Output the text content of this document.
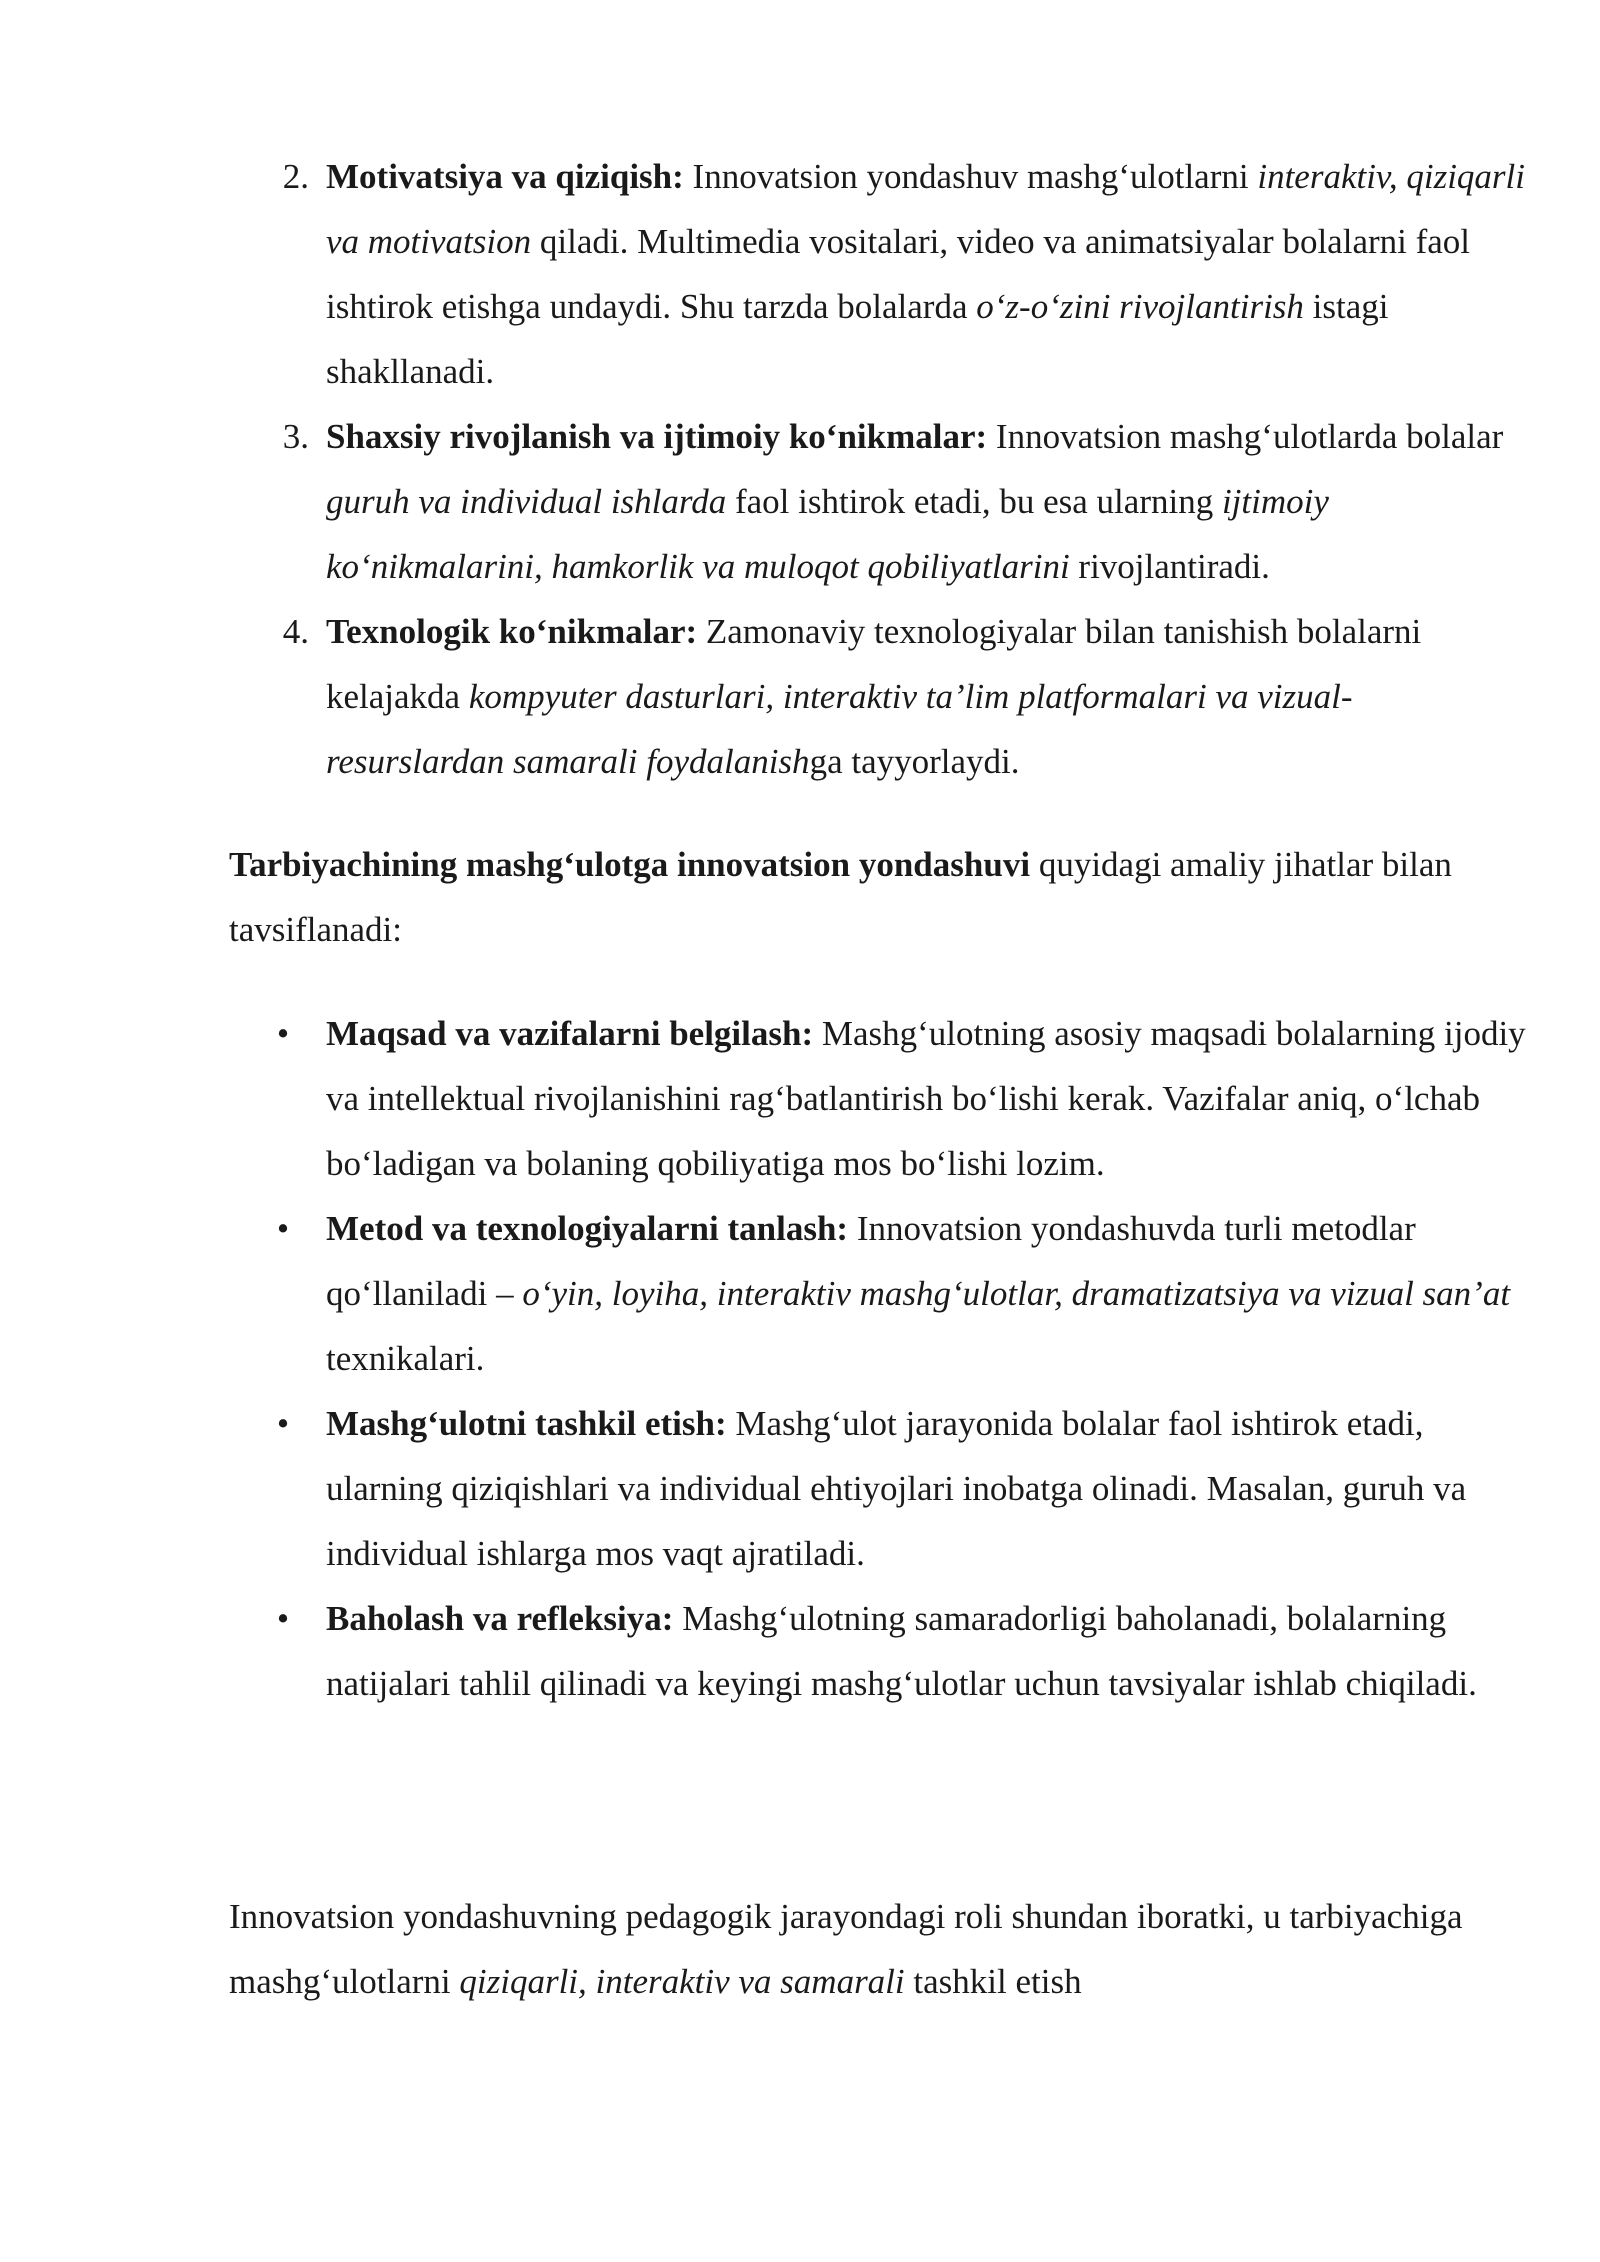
2. Motivatsiya va qiziqish: Innovatsion yondashuv mashg‘ulotlarni interaktiv, qiziqarli va motivatsion qiladi. Multimedia vositalari, video va animatsiyalar bolalarni faol ishtirok etishga undaydi. Shu tarzda bolalarda o‘z-o‘zini rivojlantirish istagi shakllanadi.

3. Shaxsiy rivojlanish va ijtimoiy ko‘nikmalar: Innovatsion mashg‘ulotlarda bolalar guruh va individual ishlarda faol ishtirok etadi, bu esa ularning ijtimoiy ko‘nikmalarini, hamkorlik va muloqot qobiliyatlarini rivojlantiradi.

4. Texnologik ko‘nikmalar: Zamonaviy texnologiyalar bilan tanishish bolalarni kelajakda kompyuter dasturlari, interaktiv ta’lim platformalari va vizual-resurslardan samarali foydalanishga tayyorlaydi.

Tarbiyachining mashg‘ulotga innovatsion yondashuvi quyidagi amaliy jihatlar bilan tavsiflanadi:

• Maqsad va vazifalarni belgilash: Mashg‘ulotning asosiy maqsadi bolalarning ijodiy va intellektual rivojlanishini rag‘batlantirish bo‘lishi kerak. Vazifalar aniq, o‘lchab bo‘ladigan va bolaning qobiliyatiga mos bo‘lishi lozim.

• Metod va texnologiyalarni tanlash: Innovatsion yondashuvda turli metodlar qo‘llaniladi – o‘yin, loyiha, interaktiv mashg‘ulotlar, dramatizatsiya va vizual san’at texnikalari.

• Mashg‘ulotni tashkil etish: Mashg‘ulot jarayonida bolalar faol ishtirok etadi, ularning qiziqishlari va individual ehtiyojlari inobatga olinadi. Masalan, guruh va individual ishlarga mos vaqt ajratiladi.

• Baholash va refleksiya: Mashg‘ulotning samaradorligi baholanadi, bolalarning natijalari tahlil qilinadi va keyingi mashg‘ulotlar uchun tavsiyalar ishlab chiqiladi.

Innovatsion yondashuvning pedagogik jarayondagi roli shundan iboratki, u tarbiyachiga mashg‘ulotlarni qiziqarli, interaktiv va samarali tashkil etish
